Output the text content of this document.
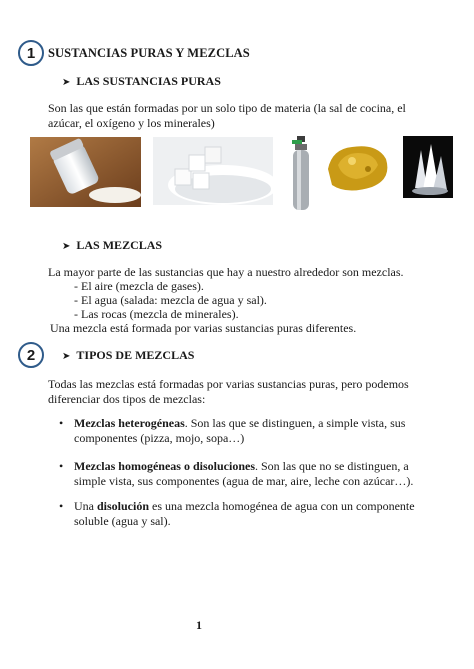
1 SUSTANCIAS PURAS Y MEZCLAS
➤ LAS SUSTANCIAS PURAS
Son las que están formadas por un solo tipo de materia (la sal de cocina, el azúcar, el oxígeno y los minerales)
➤ LAS MEZCLAS
La mayor parte de las sustancias que hay a nuestro alrededor son mezclas.
- El aire (mezcla de gases).
- El agua (salada: mezcla de agua y sal).
- Las rocas (mezcla de minerales).
Una mezcla está formada por varias sustancias puras diferentes.
2	➤ TIPOS DE MEZCLAS
Todas las mezclas está formadas por varias sustancias puras, pero podemos diferenciar dos tipos de mezclas:
• Mezclas heterogéneas. Son las que se distinguen, a simple vista, sus componentes (pizza, mojo, sopa…)
• Mezclas homogéneas o disoluciones. Son las que no se distinguen, a simple vista, sus componentes (agua de mar, aire, leche con azúcar…).
• Una disolución es una mezcla homogénea de agua con un componente soluble (agua y sal).
1
